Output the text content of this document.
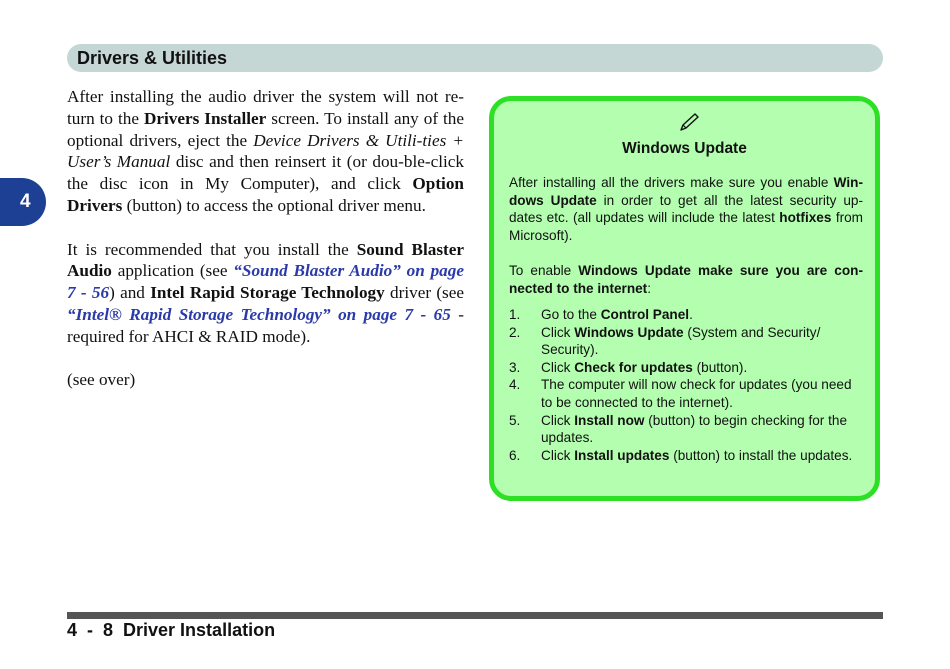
Drivers & Utilities
4

After installing the audio driver the system will not re-turn to the Drivers Installer screen. To install any of the optional drivers, eject the Device Drivers & Utili-ties + User’s Manual disc and then reinsert it (or dou-ble-click the disc icon in My Computer), and click Option Drivers (button) to access the optional driver menu.

It is recommended that you install the Sound Blaster Audio application (see “Sound Blaster Audio” on page 7 - 56) and Intel Rapid Storage Technology driver (see “Intel® Rapid Storage Technology” on page 7 - 65 - required for AHCI & RAID mode).

(see over)

Windows Update

After installing all the drivers make sure you enable Win-dows Update in order to get all the latest security up-dates etc. (all updates will include the latest hotfixes from Microsoft).

To enable Windows Update make sure you are con-nected to the internet:

1. Go to the Control Panel.
2. Click Windows Update (System and Security/ Security).
3. Click Check for updates (button).
4. The computer will now check for updates (you need to be connected to the internet).
5. Click Install now (button) to begin checking for the updates.
6. Click Install updates (button) to install the updates.
4  -  8  Driver Installation
